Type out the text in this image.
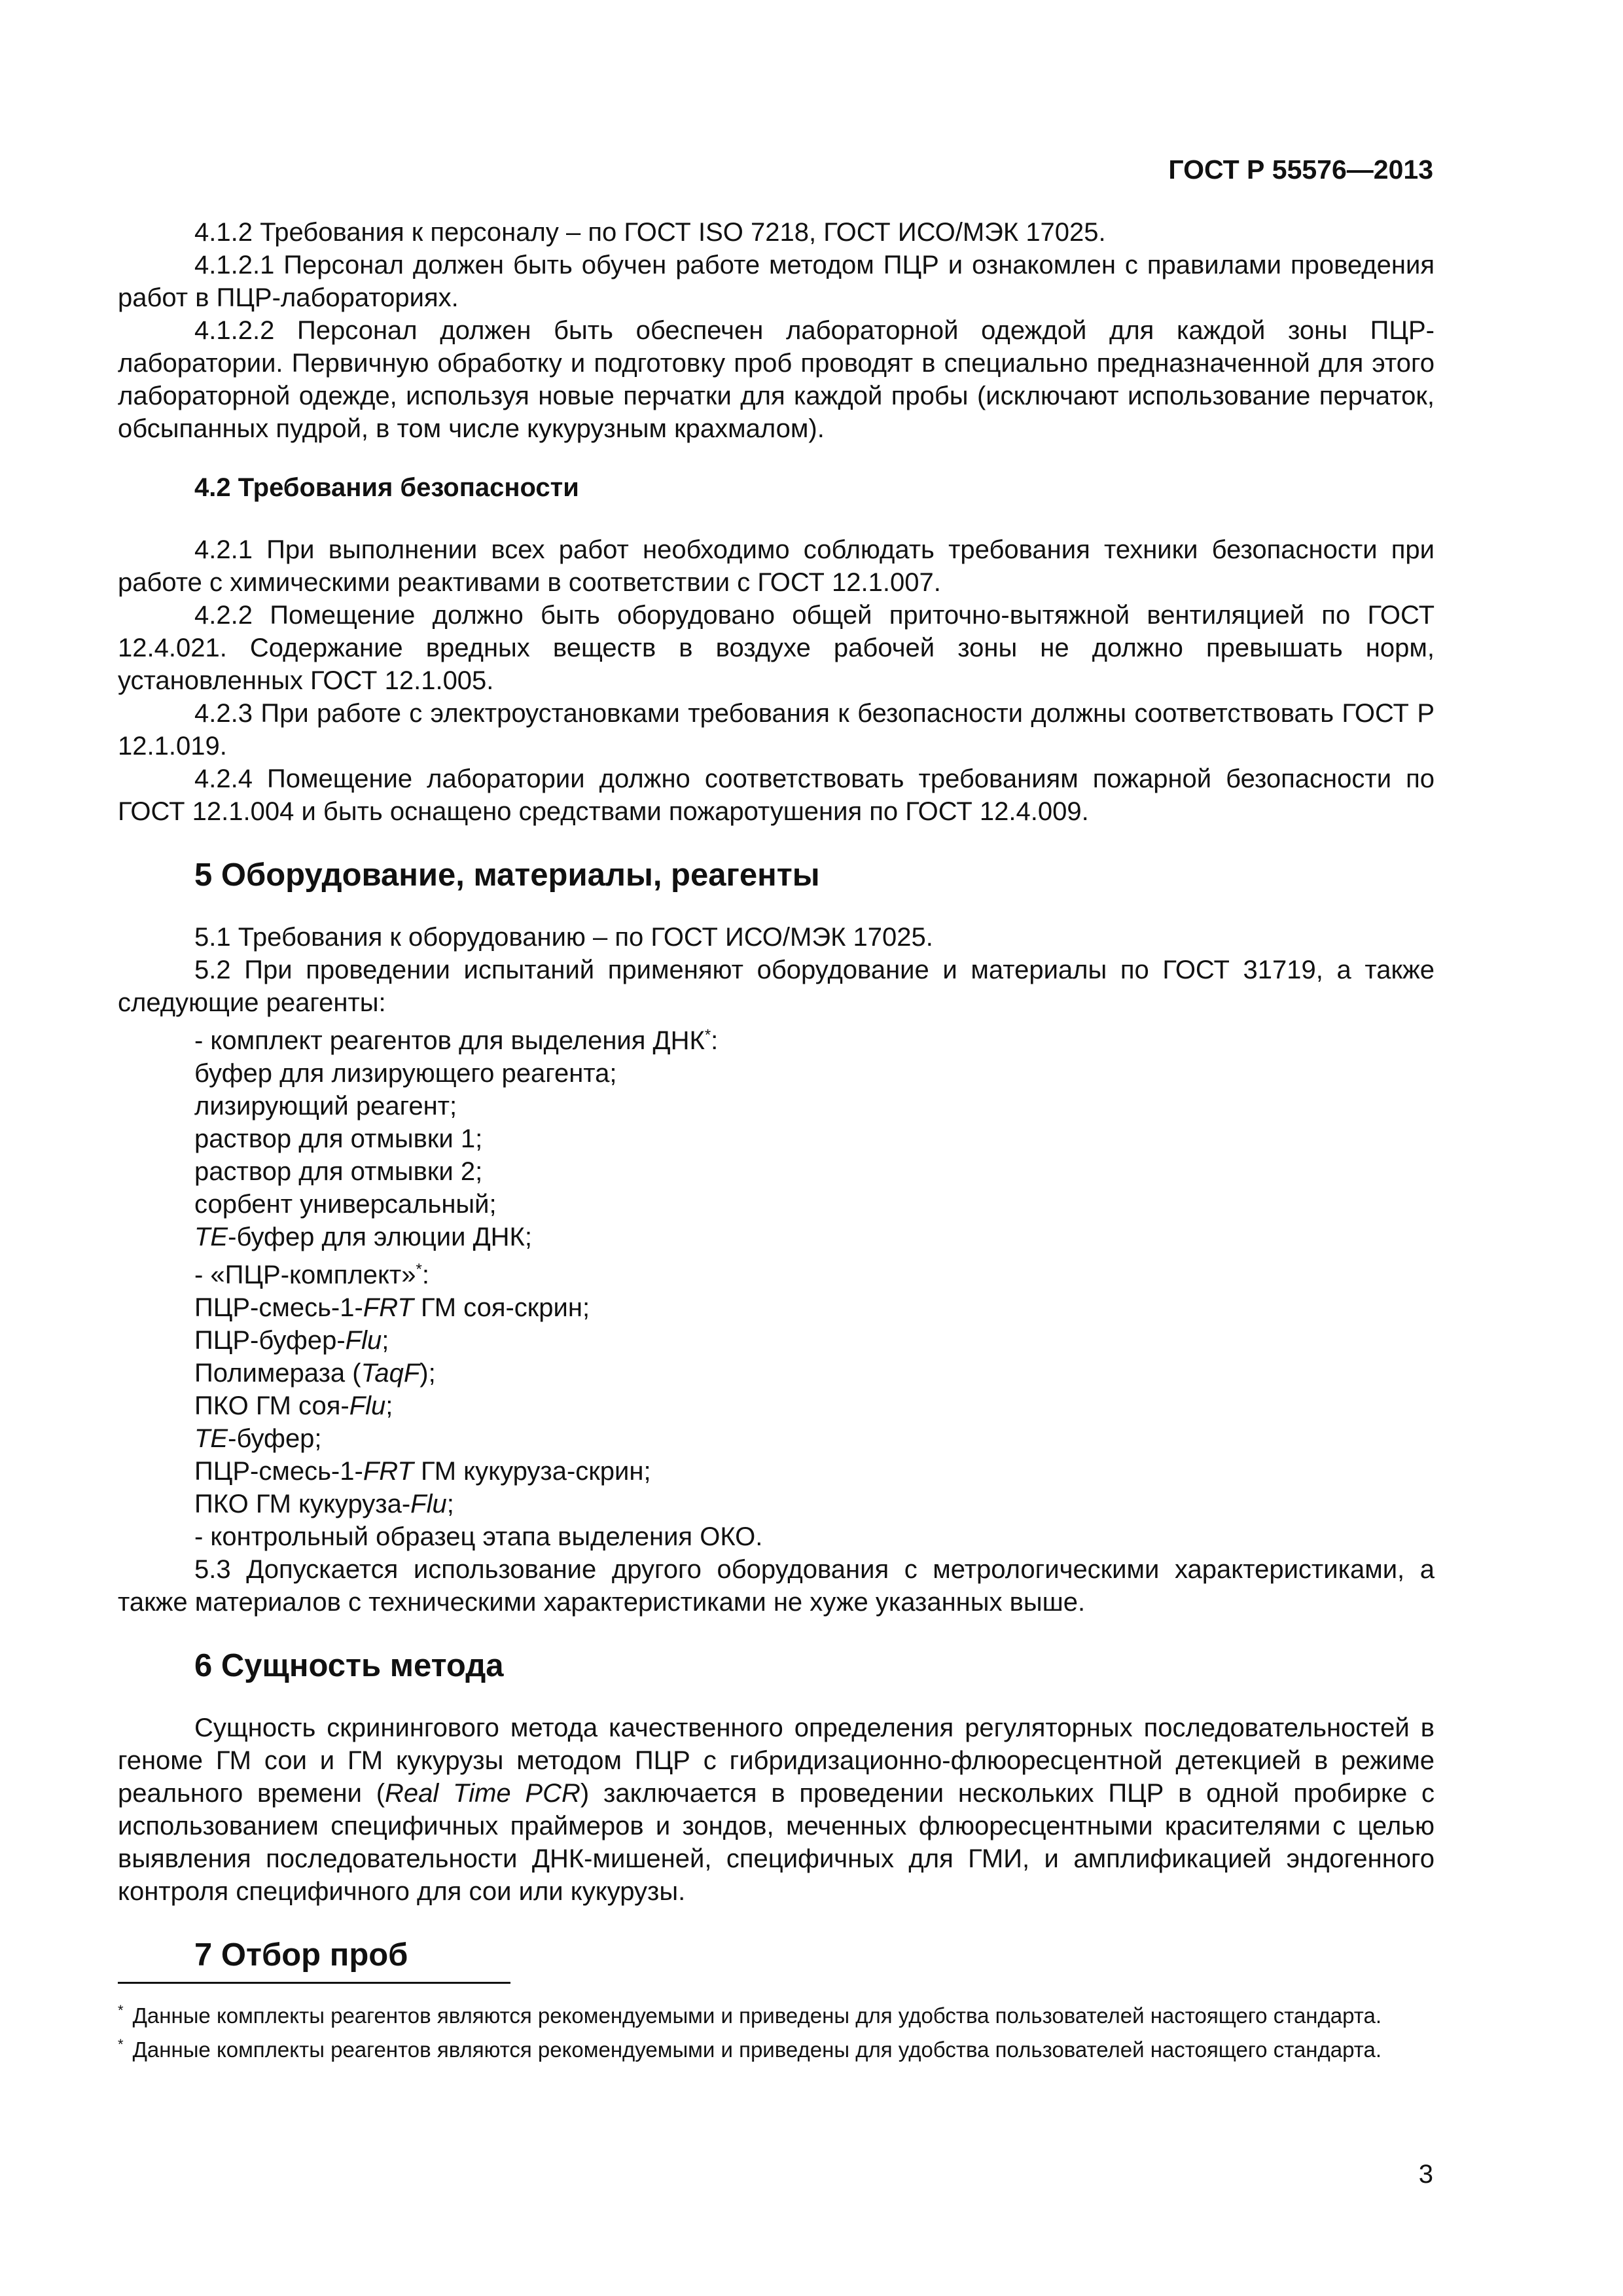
ГОСТ Р 55576—2013

4.1.2 Требования к персоналу – по ГОСТ ISO 7218, ГОСТ ИСО/МЭК 17025.

4.1.2.1 Персонал должен быть обучен работе методом ПЦР и ознакомлен с правилами проведения работ в ПЦР-лабораториях.

4.1.2.2 Персонал должен быть обеспечен лабораторной одеждой для каждой зоны ПЦР-лаборатории. Первичную обработку и подготовку проб проводят в специально предназначенной для этого лабораторной одежде, используя новые перчатки для каждой пробы (исключают использование перчаток, обсыпанных пудрой, в том числе кукурузным крахмалом).

4.2 Требования безопасности

4.2.1 При выполнении всех работ необходимо соблюдать требования техники безопасности при работе с химическими реактивами в соответствии с ГОСТ 12.1.007.

4.2.2 Помещение должно быть оборудовано общей приточно-вытяжной вентиляцией по ГОСТ 12.4.021. Содержание вредных веществ в воздухе рабочей зоны не должно превышать норм, установленных ГОСТ 12.1.005.

4.2.3 При работе с электроустановками требования к безопасности должны соответствовать ГОСТ Р 12.1.019.

4.2.4 Помещение лаборатории должно соответствовать требованиям пожарной безопасности по ГОСТ 12.1.004 и быть оснащено средствами пожаротушения по ГОСТ 12.4.009.

5 Оборудование, материалы, реагенты

5.1 Требования к оборудованию – по ГОСТ ИСО/МЭК 17025.

5.2 При проведении испытаний применяют оборудование и материалы по ГОСТ 31719, а также следующие реагенты:

- комплект реагентов для выделения ДНК*:

буфер для лизирующего реагента;

лизирующий реагент;

раствор для отмывки 1;

раствор для отмывки 2;

сорбент универсальный;

TE-буфер для элюции ДНК;

- «ПЦР-комплект»*:

ПЦР-смесь-1-FRT ГМ соя-скрин;

ПЦР-буфер-Flu;

Полимераза (TaqF);

ПКО ГМ соя-Flu;

TE-буфер;

ПЦР-смесь-1-FRT ГМ кукуруза-скрин;

ПКО ГМ кукуруза-Flu;

- контрольный образец этапа выделения ОКО.

5.3 Допускается использование другого оборудования с метрологическими характеристиками, а также материалов с техническими характеристиками не хуже указанных выше.

6 Сущность метода

Сущность скринингового метода качественного определения регуляторных последовательностей в геноме ГМ сои и ГМ кукурузы методом ПЦР с гибридизационно-флюоресцентной детекцией в режиме реального времени (Real Time PCR) заключается в проведении нескольких ПЦР в одной пробирке с использованием специфичных праймеров и зондов, меченных флюоресцентными красителями с целью выявления последовательности ДНК-мишеней, специфичных для ГМИ, и амплификацией эндогенного контроля специфичного для сои или кукурузы.

7 Отбор проб

* Данные комплекты реагентов являются рекомендуемыми и приведены для удобства пользователей настоящего стандарта.

* Данные комплекты реагентов являются рекомендуемыми и приведены для удобства пользователей настоящего стандарта.

3
